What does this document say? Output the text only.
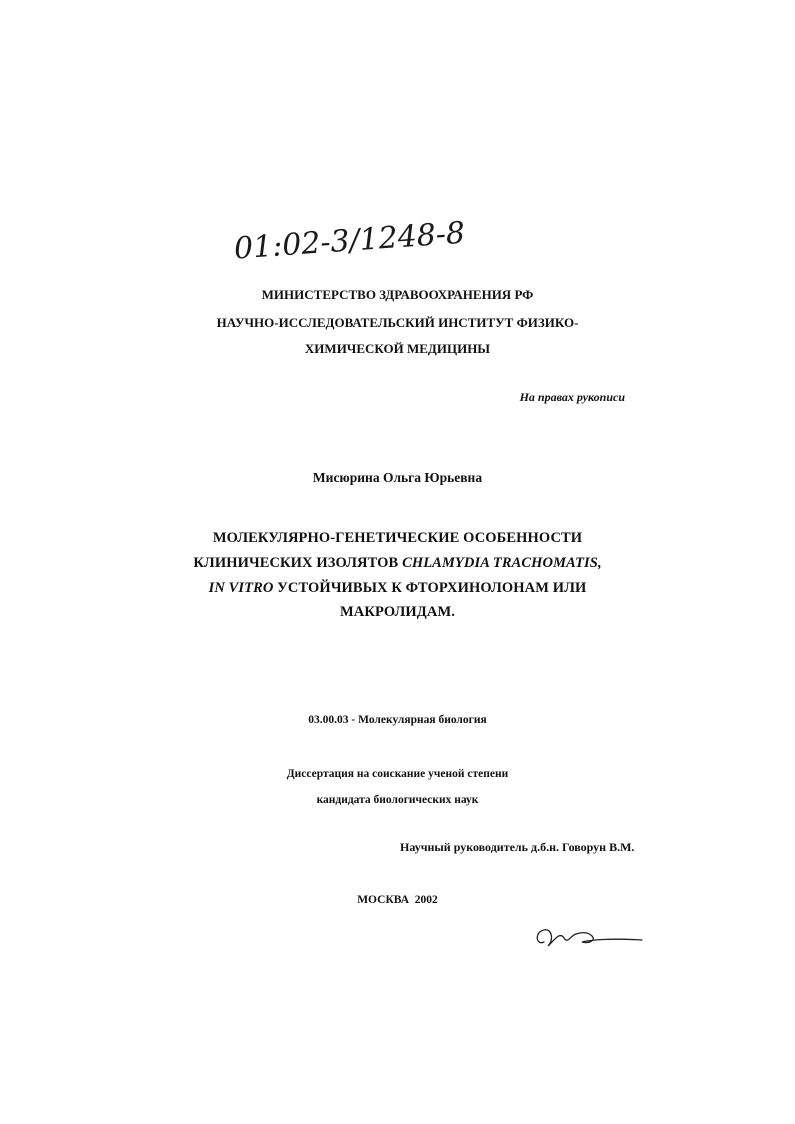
01:02-3/1248-8
МИНИСТЕРСТВО ЗДРАВООХРАНЕНИЯ РФ
НАУЧНО-ИССЛЕДОВАТЕЛЬСКИЙ ИНСТИТУТ ФИЗИКО-
ХИМИЧЕСКОЙ МЕДИЦИНЫ
На правах рукописи
Мисюрина Ольга Юрьевна
МОЛЕКУЛЯРНО-ГЕНЕТИЧЕСКИЕ ОСОБЕННОСТИ
КЛИНИЧЕСКИХ ИЗОЛЯТОВ CHLAMYDIA TRACHOMATIS,
IN VITRO УСТОЙЧИВЫХ К ФТОРХИНОЛОНАМ ИЛИ
МАКРОЛИДАМ.
03.00.03 - Молекулярная биология
Диссертация на соискание ученой степени
кандидата биологических наук
Научный руководитель д.б.н. Говорун В.М.
МОСКВА  2002
